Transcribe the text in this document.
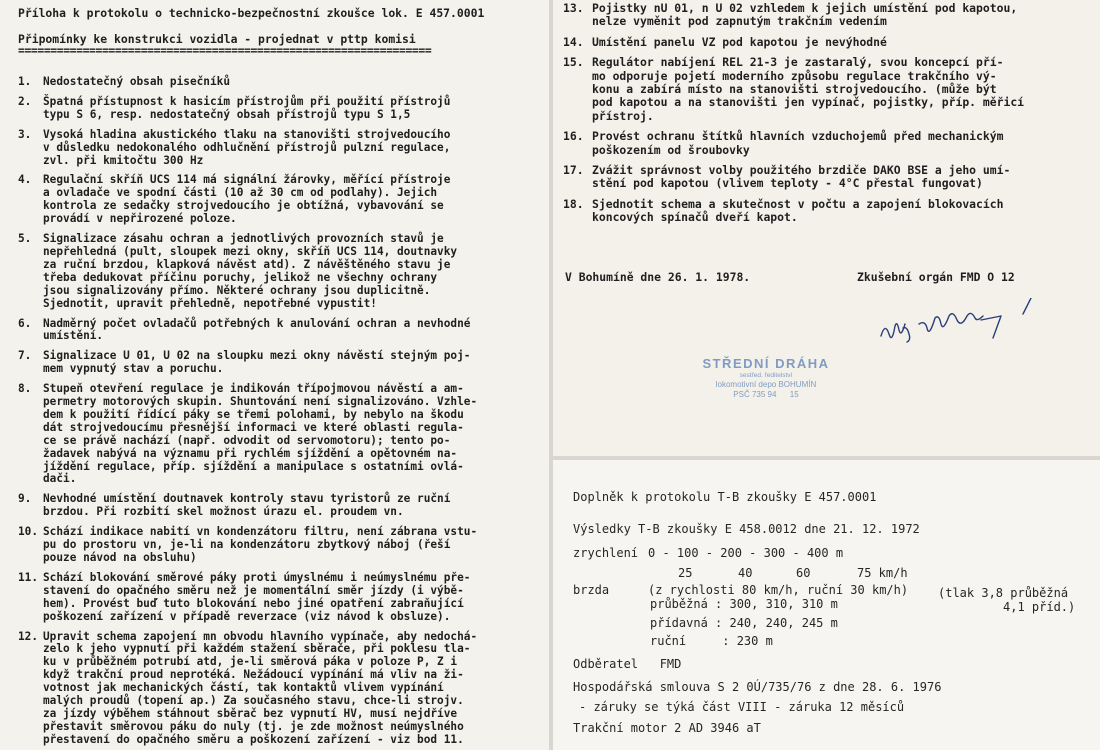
Příloha k protokolu o technicko-bezpečnostní zkoušce lok. E 457.0001
Připomínky ke konstrukci vozidla - projednat v pttp komisi
================================================================
1.	Nedostatečný obsah pisečníků
2.	Špatná přístupnost k hasicím přístrojům při použití přístrojů
typu S 6, resp. nedostatečný obsah přístrojů typu S 1,5
3.	Vysoká hladina akustického tlaku na stanovišti strojvedoucího
v důsledku nedokonalého odhlučnění přístrojů pulzní regulace,
zvl. při kmitočtu 300 Hz
4.	Regulační skříň UCS 114 má signální žárovky, měřící přístroje
a ovladače ve spodní části (10 až 30 cm od podlahy). Jejich
kontrola ze sedačky strojvedoucího je obtížná, vybavování se
provádí v nepřirozené poloze.
5.	Signalizace zásahu ochran a jednotlivých provozních stavů je
nepřehledná (pult, sloupek mezi okny, skříň UCS 114, doutnavky
za ruční brzdou, klapková návěst atd). Z návěštěného stavu je
třeba dedukovat příčinu poruchy, jelikož ne všechny ochrany
jsou signalizovány přímo. Některé ochrany jsou duplicitně.
Sjednotit, upravit přehledně, nepotřebné vypustit!
6.	Nadměrný počet ovladačů potřebných k anulování ochran a nevhodné
umístění.
7.	Signalizace U 01, U 02 na sloupku mezi okny návěstí stejným poj-
mem vypnutý stav a poruchu.
8.	Stupeň otevření regulace je indikován třípojmovou návěstí a am-
permetry motorových skupin. Shuntování není signalizováno. Vzhle-
dem k použití řídící páky se třemi polohami, by nebylo na škodu
dát strojvedoucímu přesnější informaci ve které oblasti regula-
ce se právě nachází (např. odvodit od servomotoru); tento po-
žadavek nabývá na významu při rychlém sjíždění a opětovném na-
jíždění regulace, příp. sjíždění a manipulace s ostatními ovlá-
dači.
9.	Nevhodné umístění doutnavek kontroly stavu tyristorů ze ruční
brzdou. Při rozbití skel možnost úrazu el. proudem vn.
10. Schází indikace nabití vn kondenzátoru filtru, není zábrana vstu-
pu do prostoru vn, je-li na kondenzátoru zbytkový náboj (řeší
pouze návod na obsluhu)
11. Schází blokování směrové páky proti úmyslnému i neúmyslnému pře-
stavení do opačného směru než je momentální směr jízdy (i výbě-
hem). Provést buď tuto blokování nebo jiné opatření zabraňující
poškození zařízení v případě reverzace (viz návod k obsluze).
12. Upravit schema zapojení mn obvodu hlavního vypínače, aby nedochá-
zelo k jeho vypnutí při každém stažení sběrače, při poklesu tla-
ku v průběžném potrubí atd, je-li směrová páka v poloze P, Z i
když trakční proud neprotéká. Nežádoucí vypínání má vliv na ži-
votnost jak mechanických částí, tak kontaktů vlivem vypínání
malých proudů (topení ap.) Za současného stavu, chce-li strojv.
za jízdy výběhem stáhnout sběrač bez vypnutí HV, musí nejdříve
přestavit směrovou páku do nuly (tj. je zde možnost neúmyslného
přestavení do opačného směru a poškození zařízení - viz bod 11.
13. Pojistky nU 01, n U 02 vzhledem k jejich umístění pod kapotou,
nelze vyměnit pod zapnutým trakčním vedením
14. Umístění panelu VZ pod kapotou je nevýhodné
15. Regulátor nabíjení REL 21-3 je zastaralý, svou koncepcí pří-
mo odporuje pojetí moderního způsobu regulace trakčního vý-
konu a zabírá místo na stanovišti strojvedoucího. (může být
pod kapotou a na stanovišti jen vypínač, pojistky, příp. měřicí
přístroj.
16. Provést ochranu štítků hlavních vzduchojemů před mechanickým
poškozením od šroubovky
17. Zvážit správnost volby použitého brzdiče DAKO BSE a jeho umí-
stění pod kapotou (vlivem teploty - 4°C přestal fungovat)
18. Sjednotit schema a skutečnost v počtu a zapojení blokovacích
koncových spínačů dveří kapot.
V Bohumíně dne 26. 1. 1978.	Zkušební orgán FMD O 12
STŘEDNÍ DRÁHA
sestřed. ředitelství
lokomotivní depo BOHUMÍN
PSČ 735 94 15
Doplněk k protokolu T-B zkoušky E 457.0001
Výsledky T-B zkoušky E 458.0012 dne 21. 12. 1972
zrychlení 0 - 100 - 200 - 300 - 400 m
25	40	60	75 km/h
brzda	(z rychlosti 80 km/h, ruční 30 km/h) (tlak 3,8 průběžná
4,1 příd.)
průběžná : 300, 310, 310 m
přídavná : 240, 240, 245 m
ruční     : 230 m
Odběratel   FMD
Hospodářská smlouva S 2 0Ú/735/76 z dne 28. 6. 1976
- záruky se týká část VIII - záruka 12 měsíců
Trakční motor 2 AD 3946 aT
